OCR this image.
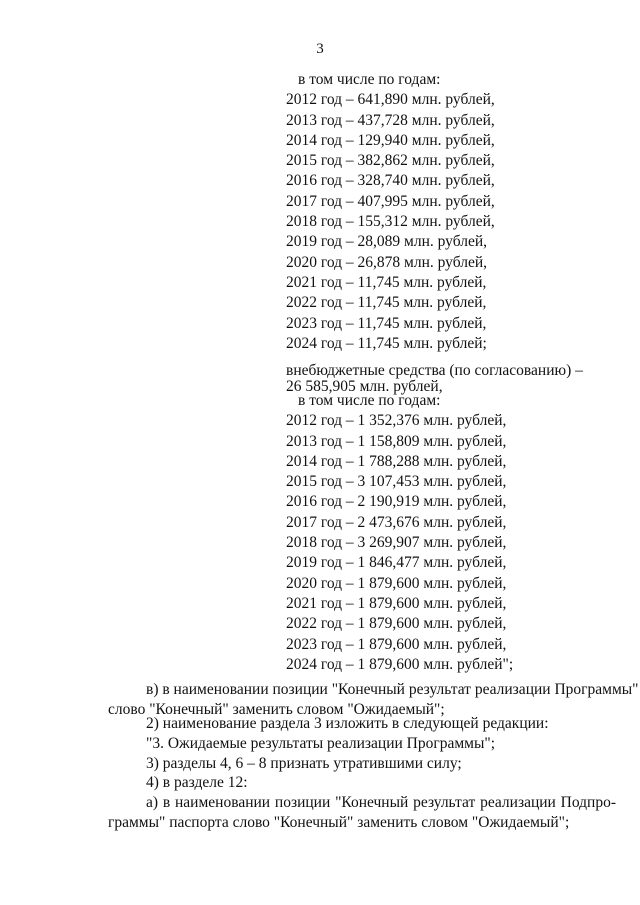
3
в том числе по годам:
2012 год – 641,890 млн. рублей,
2013 год – 437,728 млн. рублей,
2014 год – 129,940 млн. рублей,
2015 год – 382,862 млн. рублей,
2016 год – 328,740 млн. рублей,
2017 год – 407,995 млн. рублей,
2018 год – 155,312 млн. рублей,
2019 год – 28,089 млн. рублей,
2020 год – 26,878 млн. рублей,
2021 год – 11,745 млн. рублей,
2022 год – 11,745 млн. рублей,
2023 год – 11,745 млн. рублей,
2024 год – 11,745 млн. рублей;
внебюджетные средства (по согласованию) –
26 585,905 млн. рублей,
в том числе по годам:
2012 год – 1 352,376 млн. рублей,
2013 год – 1 158,809 млн. рублей,
2014 год – 1 788,288 млн. рублей,
2015 год – 3 107,453 млн. рублей,
2016 год – 2 190,919 млн. рублей,
2017 год – 2 473,676 млн. рублей,
2018 год – 3 269,907 млн. рублей,
2019 год – 1 846,477 млн. рублей,
2020 год – 1 879,600 млн. рублей,
2021 год – 1 879,600 млн. рублей,
2022 год – 1 879,600 млн. рублей,
2023 год – 1 879,600 млн. рублей,
2024 год – 1 879,600 млн. рублей";
в) в наименовании позиции "Конечный результат реализации Программы"
слово "Конечный" заменить словом "Ожидаемый";
2) наименование раздела 3 изложить в следующей редакции:
"3. Ожидаемые результаты реализации Программы";
3) разделы 4, 6 – 8 признать утратившими силу;
4) в разделе 12:
а) в наименовании позиции "Конечный результат реализации Подпро-
граммы" паспорта слово "Конечный" заменить словом "Ожидаемый";
